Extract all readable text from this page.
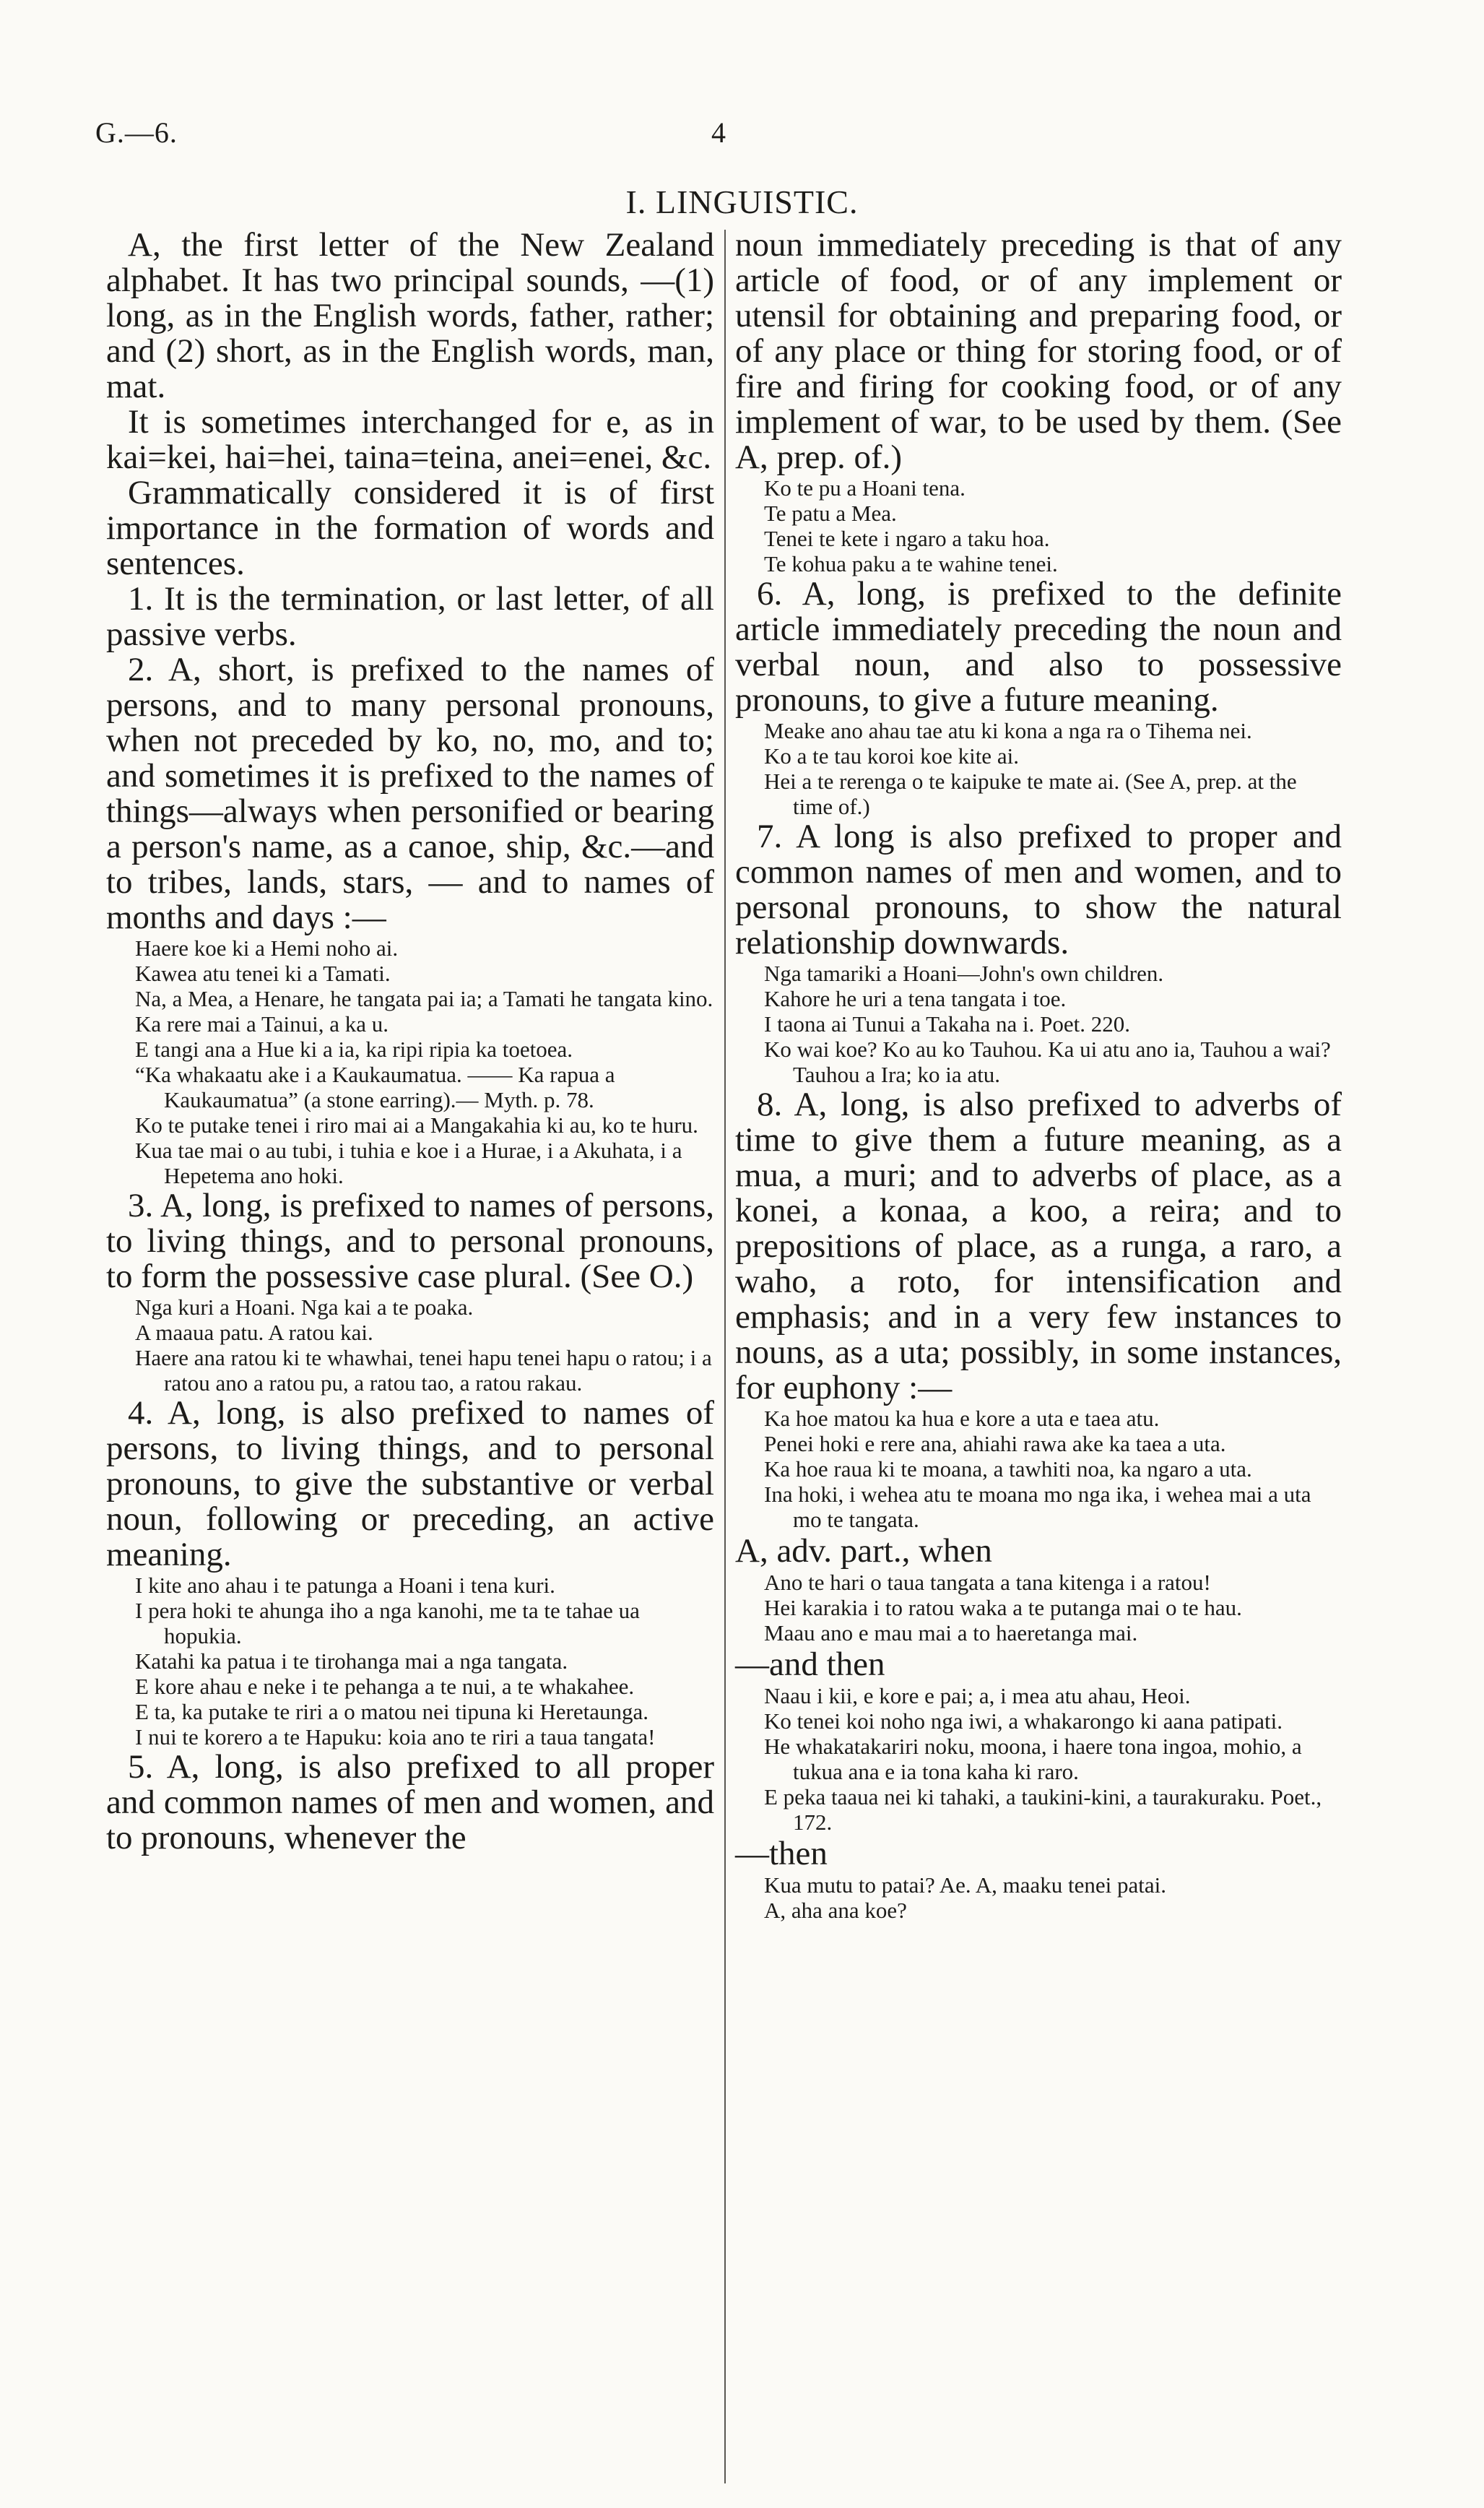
G.—6.	4
I. LINGUISTIC.
A, the first letter of the New Zealand alphabet. It has two principal sounds, —(1) long, as in the English words, father, rather; and (2) short, as in the English words, man, mat.
It is sometimes interchanged for e, as in kai=kei, hai=hei, taina=teina, anei=enei, &c.
Grammatically considered it is of first importance in the formation of words and sentences.
1. It is the termination, or last letter, of all passive verbs.
2. A, short, is prefixed to the names of persons, and to many personal pronouns, when not preceded by ko, no, mo, and to; and sometimes it is prefixed to the names of things—always when personified or bearing a person's name, as a canoe, ship, &c.—and to tribes, lands, stars, — and to names of months and days :—
Haere koe ki a Hemi noho ai.
Kawea atu tenei ki a Tamati.
Na, a Mea, a Henare, he tangata pai ia; a Tamati he tangata kino.
Ka rere mai a Tainui, a ka u.
E tangi ana a Hue ki a ia, ka ripi ripia ka toetoea.
“Ka whakaatu ake i a Kaukaumatua. —— Ka rapua a Kaukaumatua” (a stone earring).— Myth. p. 78.
Ko te putake tenei i riro mai ai a Mangakahia ki au, ko te huru.
Kua tae mai o au tubi, i tuhia e koe i a Hurae, i a Akuhata, i a Hepetema ano hoki.
3. A, long, is prefixed to names of persons, to living things, and to personal pronouns, to form the possessive case plural. (See O.)
Nga kuri a Hoani. Nga kai a te poaka.
A maaua patu. A ratou kai.
Haere ana ratou ki te whawhai, tenei hapu tenei hapu o ratou; i a ratou ano a ratou pu, a ratou tao, a ratou rakau.
4. A, long, is also prefixed to names of persons, to living things, and to personal pronouns, to give the substantive or verbal noun, following or preceding, an active meaning.
I kite ano ahau i te patunga a Hoani i tena kuri.
I pera hoki te ahunga iho a nga kanohi, me ta te tahae ua hopukia.
Katahi ka patua i te tirohanga mai a nga tangata.
E kore ahau e neke i te pehanga a te nui, a te whakahee.
E ta, ka putake te riri a o matou nei tipuna ki Heretaunga.
I nui te korero a te Hapuku: koia ano te riri a taua tangata!
5. A, long, is also prefixed to all proper and common names of men and women, and to pronouns, whenever the
noun immediately preceding is that of any article of food, or of any implement or utensil for obtaining and preparing food, or of any place or thing for storing food, or of fire and firing for cooking food, or of any implement of war, to be used by them. (See A, prep. of.)
Ko te pu a Hoani tena.
Te patu a Mea.
Tenei te kete i ngaro a taku hoa.
Te kohua paku a te wahine tenei.
6. A, long, is prefixed to the definite article immediately preceding the noun and verbal noun, and also to possessive pronouns, to give a future meaning.
Meake ano ahau tae atu ki kona a nga ra o Tihema nei.
Ko a te tau koroi koe kite ai.
Hei a te rerenga o te kaipuke te mate ai. (See A, prep. at the time of.)
7. A long is also prefixed to proper and common names of men and women, and to personal pronouns, to show the natural relationship downwards.
Nga tamariki a Hoani—John's own children.
Kahore he uri a tena tangata i toe.
I taona ai Tunui a Takaha na i. Poet. 220.
Ko wai koe? Ko au ko Tauhou. Ka ui atu ano ia, Tauhou a wai? Tauhou a Ira; ko ia atu.
8. A, long, is also prefixed to adverbs of time to give them a future meaning, as a mua, a muri; and to adverbs of place, as a konei, a konaa, a koo, a reira; and to prepositions of place, as a runga, a raro, a waho, a roto, for intensification and emphasis; and in a very few instances to nouns, as a uta; possibly, in some instances, for euphony :—
Ka hoe matou ka hua e kore a uta e taea atu.
Penei hoki e rere ana, ahiahi rawa ake ka taea a uta.
Ka hoe raua ki te moana, a tawhiti noa, ka ngaro a uta.
Ina hoki, i wehea atu te moana mo nga ika, i wehea mai a uta mo te tangata.
A, adv. part., when
Ano te hari o taua tangata a tana kitenga i a ratou!
Hei karakia i to ratou waka a te putanga mai o te hau.
Maau ano e mau mai a to haeretanga mai.
—and then
Naau i kii, e kore e pai; a, i mea atu ahau, Heoi.
Ko tenei koi noho nga iwi, a whakarongo ki aana patipati.
He whakatakariri noku, moona, i haere tona ingoa, mohio, a tukua ana e ia tona kaha ki raro.
E peka taaua nei ki tahaki, a taukini-kini, a taurakuraku. Poet., 172.
—then
Kua mutu to patai? Ae. A, maaku tenei patai.
A, aha ana koe?
